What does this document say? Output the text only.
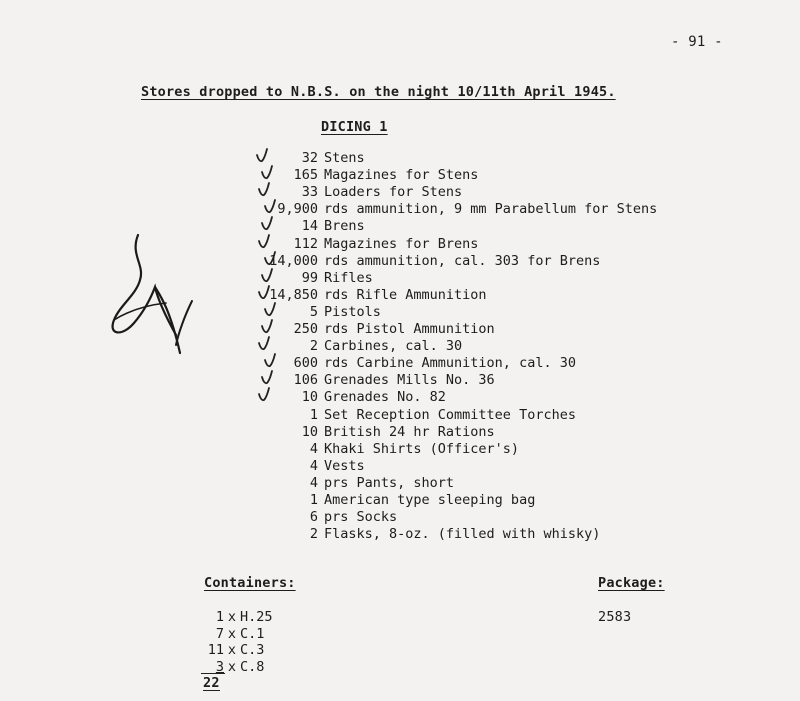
- 91 -
Stores dropped to N.B.S. on the night 10/11th April 1945.
DICING 1
32 Stens
165 Magazines for Stens
33 Loaders for Stens
9,900 rds ammunition, 9 mm Parabellum for Stens
14 Brens
112 Magazines for Brens
14,000 rds ammunition, cal. 303 for Brens
99 Rifles
14,850 rds Rifle Ammunition
5 Pistols
250 rds Pistol Ammunition
2 Carbines, cal. 30
600 rds Carbine Ammunition, cal. 30
106 Grenades Mills No. 36
10 Grenades No. 82
1 Set Reception Committee Torches
10 British 24 hr Rations
4 Khaki Shirts (Officer's)
4 Vests
4 prs Pants, short
1 American type sleeping bag
6 prs Socks
2 Flasks, 8-oz. (filled with whisky)
Containers:
1 x H.25
7 x C.1
11 x C.3
3 x C.8
22
Package:
2583
